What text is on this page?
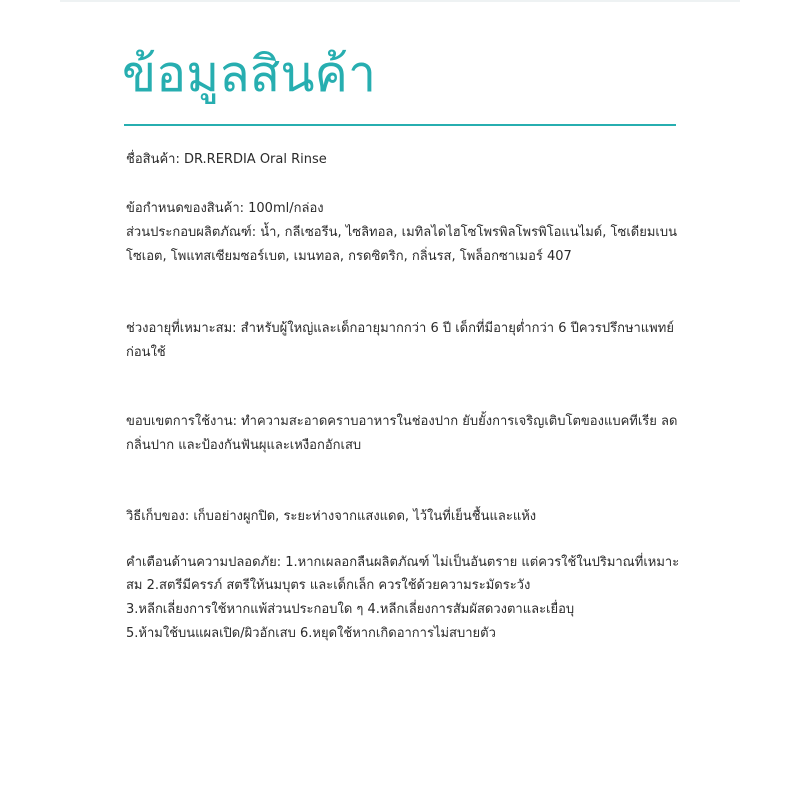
ข้อมูลสินค้า
ชื่อสินค้า: DR.RERDIA Oral Rinse
ข้อกำหนดของสินค้า: 100ml/กล่อง
ส่วนประกอบผลิตภัณฑ์: น้ำ, กลีเซอรีน, ไซลิทอล, เมทิลไดไฮโซโพรพิลโพรพิโอแนไมด์, โซเดียมเบน
โซเอต, โพแทสเซียมซอร์เบต, เมนทอล, กรดซิตริก, กลิ่นรส, โพล็อกซาเมอร์ 407
ช่วงอายุที่เหมาะสม: สำหรับผู้ใหญ่และเด็กอายุมากกว่า 6 ปี เด็กที่มีอายุต่ำกว่า 6 ปีควรปรึกษาแพทย์
ก่อนใช้
ขอบเขตการใช้งาน: ทำความสะอาดคราบอาหารในช่องปาก ยับยั้งการเจริญเติบโตของแบคทีเรีย ลด
กลิ่นปาก และป้องกันฟันผุและเหงือกอักเสบ
วิธีเก็บของ: เก็บอย่างผูกปิด, ระยะห่างจากแสงแดด, ไว้ในที่เย็นชื้นและแห้ง
คำเตือนด้านความปลอดภัย: 1.หากเผลอกลืนผลิตภัณฑ์ ไม่เป็นอันตราย แต่ควรใช้ในปริมาณที่เหมาะ
สม 2.สตรีมีครรภ์ สตรีให้นมบุตร และเด็กเล็ก ควรใช้ด้วยความระมัดระวัง
3.หลีกเลี่ยงการใช้หากแพ้ส่วนประกอบใด ๆ 4.หลีกเลี่ยงการสัมผัสดวงตาและเยื่อบุ
5.ห้ามใช้บนแผลเปิด/ผิวอักเสบ 6.หยุดใช้หากเกิดอาการไม่สบายตัว
